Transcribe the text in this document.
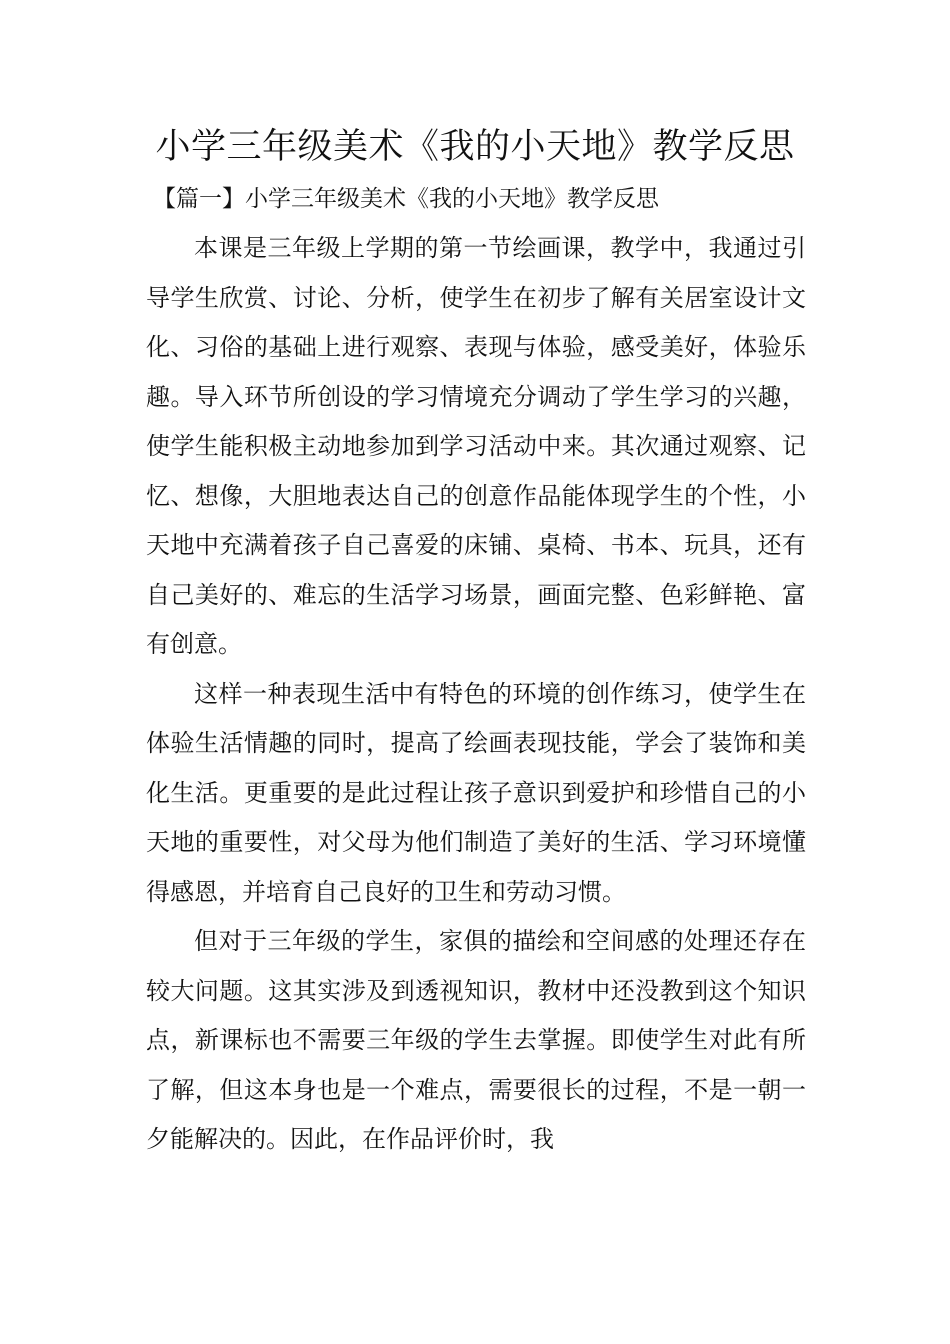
小学三年级美术《我的小天地》教学反思

【篇一】小学三年级美术《我的小天地》教学反思

本课是三年级上学期的第一节绘画课，教学中，我通过引导学生欣赏、讨论、分析，使学生在初步了解有关居室设计文化、习俗的基础上进行观察、表现与体验，感受美好，体验乐趣。导入环节所创设的学习情境充分调动了学生学习的兴趣，使学生能积极主动地参加到学习活动中来。其次通过观察、记忆、想像，大胆地表达自己的创意作品能体现学生的个性，小天地中充满着孩子自己喜爱的床铺、桌椅、书本、玩具，还有自己美好的、难忘的生活学习场景，画面完整、色彩鲜艳、富有创意。

这样一种表现生活中有特色的环境的创作练习，使学生在体验生活情趣的同时，提高了绘画表现技能，学会了装饰和美化生活。更重要的是此过程让孩子意识到爱护和珍惜自己的小天地的重要性，对父母为他们制造了美好的生活、学习环境懂得感恩，并培育自己良好的卫生和劳动习惯。

但对于三年级的学生，家俱的描绘和空间感的处理还存在较大问题。这其实涉及到透视知识，教材中还没教到这个知识点，新课标也不需要三年级的学生去掌握。即使学生对此有所了解，但这本身也是一个难点，需要很长的过程，不是一朝一夕能解决的。因此，在作品评价时，我
